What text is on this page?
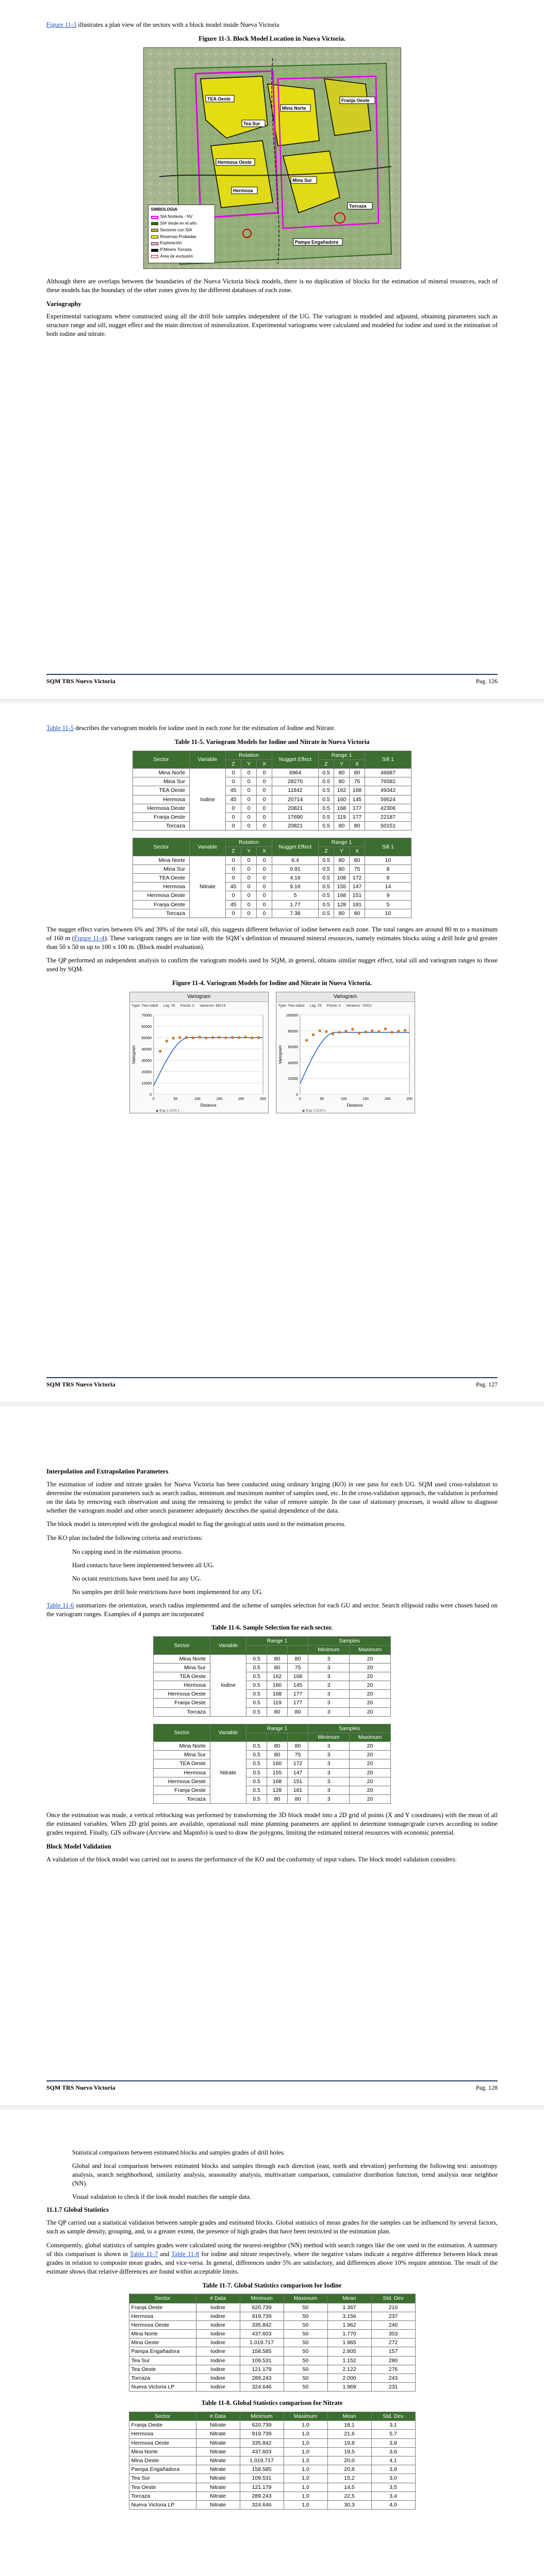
Figure 11-3 illustrates a plan view of the sectors with a block model inside Nueva Victoria

Figure 11-3. Block Model Location in Nueva Victoria.
TEA Oeste
Mina Norte
Mina Sur
Hermosa Oeste
Hermosa
Franja Oeste
Torcaza
Pampa Engañadora
Tea Sur
SIMBOLOGIA
SIA Nortevia - NV
SIA Verde en el año
Sectores con SIA
Reservas Probadas
Exploración
P.Minero Torcaza
Área de exclusión

Although there are overlaps between the boundaries of the Nueva Victoria block models, there is no duplication of blocks for the estimation of mineral resources, each of these models has the boundary of the other zones given by the different databases of each zone.

Variography

Experimental variograms where constructed using all the drill hole samples independent of the UG. The variogram is modeled and adjusted, obtaining parameters such as structure range and sill, nugget effect and the main direction of mineralization. Experimental variograms were calculated and modeled for iodine and used in the estimation of both iodine and nitrate.

SQM TRS Nuevo Victoria	Pag. 126

Table 11-5 describes the variogram models for iodine used in each zone for the estimation of Iodine and Nitrate.

Table 11-5. Variogram Models for Iodine and Nitrate in Nueva Victoria
Sector	Variable	Rotation			Nugget Effect	Range 1			Sill 1
		Z	Y	X		Z	Y	X	
Mina Norte	Iodine	0	0	0	6964	0.5	80	80	46687
Mina Sur		0	0	0	28270	0.5	80	75	76582
TEA Oeste		45	0	0	11842	0.5	162	168	49342
Hermosa		45	0	0	20714	0.5	160	145	59524
Hermosa Oeste		0	0	0	20821	0.5	168	177	42306
Franja Oeste		0	0	0	17690	0.5	119	177	22187
Torcaza		0	0	0	20821	0.5	80	80	50151
Sector	Variable	Rotation			Nugget Effect	Range 1			Sill 1
		Z	Y	X		Z	Y	X	
Mina Norte	Nitrate	0	0	0	6.4	0.5	80	80	10
Mina Sur		0	0	0	0.91	0.5	80	75	8
TEA Oeste		0	0	0	4.16	0.5	108	172	8
Hermosa		45	0	0	9.16	0.5	155	147	14
Hermosa Oeste		0	0	0	5	0.5	168	151	9
Franja Oeste		45	0	0	1.77	0.5	128	181	5
Torcaza		0	0	0	7.38	0.5	80	80	10

The nugget effect varies between 6% and 39% of the total sill, this suggests different behavior of iodine between each zone. The total ranges are around 80 m to a maximum of 160 m (Figure 11-4). These variogram ranges are in line with the SQM´s definition of measured mineral resources, namely estimates blocks using a drill hole grid greater than 50 x 50 m up to 100 x 100 m. (Block model evaluation).

The QP performed an independent analysis to confirm the variogram models used by SQM, in general, obtains similar nugget effect, total sill and variogram ranges to those used by SQM.

Figure 11-4. Variogram Models for Iodine and Nitrate in Nueva Victoria.
Variogram
Type: Two-sided Lag: 25 Points: 0 Variance: 48213
0
10000
20000
30000
40000
50000
60000
70000
0	50	100	150	200	250
Distance
Variogram
◆ Exp 1 ICI/I-1
Variogram
Type: Two-sided Lag: 25 Points: 0 Variance: 76321
0
20000
40000
60000
80000
100000
0	50	100	150	200	250
Distance
Variogram
◆ Exp 1 ICI/I-1
SQM TRS Nuevo Victoria	Pag. 127
Interpolation and Extrapolation Parameters

The estimation of iodine and nitrate grades for Nueva Victoria has been conducted using ordinary kriging (KO) in one pass for each UG. SQM used cross-validation to determine the estimation parameters such as search radius, minimum and maximum number of samples used, etc. In the cross-validation approach, the validation is performed on the data by removing each observation and using the remaining to predict the value of remove sample. In the case of stationary processes, it would allow to diagnose whether the variogram model and other search parameter adequately describes the spatial dependence of the data.

The block model is intercepted with the geological model to flag the geological units used in the estimation process.

The KO plan included the following criteria and restrictions:

No capping used in the estimation process.

Hard contacts have been implemented between all UG.

No octant restrictions have been used for any UG.

No samples per drill hole restrictions have been implemented for any UG.

Table 11-6 summarizes the orientation, search radius implemented and the scheme of samples selection for each GU and sector. Search ellipsoid radio were chosen based on the variogram ranges. Examples of 4 pumps are incorporated

Table 11-6. Sample Selection for each sector.
Sector	Variable	Range 1			Samples	
					Minimum	Maximum
Mina Norte	Iodine	0.5	80	80	3	20
Mina Sur		0.5	80	75	3	20
TEA Oeste		0.5	162	168	3	20
Hermosa		0.5	160	145	3	20
Hermosa Oeste		0.5	168	177	3	20
Franja Oeste		0.5	119	177	3	20
Torcaza		0.5	80	80	3	20
Sector	Variable	Range 1			Samples	
					Minimum	Maximum
Mina Norte	Nitrate	0.5	80	80	3	20
Mina Sur		0.5	80	75	3	20
TEA Oeste		0.5	160	172	3	20
Hermosa		0.5	155	147	3	20
Hermosa Oeste		0.5	168	151	3	20
Franja Oeste		0.5	128	181	3	20
Torcaza		0.5	80	80	3	20

Once the estimation was made, a vertical reblocking was performed by transforming the 3D block model into a 2D grid of points (X and Y coordinates) with the mean of all the estimated variables. When 2D grid points are available, operational null mine planning parameters are applied to determine tonnage/grade curves according to iodine grades required. Finally, GIS software (Arcview and Mapinfo) is used to draw the polygons, limiting the estimated mineral resources with economic potential.

Block Model Validation

A validation of the block model was carried out to assess the performance of the KO and the conformity of input values. The block model validation considers:

SQM TRS Nuevo Victoria	Pag. 128

Statistical comparison between estimated blocks and samples grades of drill holes.

Global and local comparison between estimated blocks and samples through each direction (east, north and elevation) performing the following test: anisotropy analysis, search neighborhood, similarity analysis, seasonality analysis, multivariate comparison, cumulative distribution function, trend analysis near neighbor (NN).

Visual validation to check if the look model matches the sample data.

11.1.7 Global Statistics

The QP carried out a statistical validation between sample grades and estimated blocks. Global statistics of mean grades for the samples can be influenced by several factors, such as sample density, grouping, and, to a greater extent, the presence of high grades that have been restricted in the estimation plan.

Consequently, global statistics of samples grades were calculated using the nearest-neighbor (NN) method with search ranges like the one used in the estimation. A summary of this comparison is shown in Table 11-7 and Table 11-8 for iodine and nitrate respectively, where the negative values indicate a negative difference between block mean grades in relation to composite mean grades, and vice-versa. In general, differences under 5% are satisfactory, and differences above 10% require attention. The result of the estimate shows that relative differences are found within acceptable limits.

Table 11-7. Global Statistics comparison for Iodine
Sector	# Data	Minimum	Maximum	Mean	Std. Dev
Franja Oeste	Iodine	620.739	50	1.367	210
Hermosa	Iodine	919.739	50	3.156	237
Hermosa Oeste	Iodine	335.842	50	1.962	240
Mina Norte	Iodine	437.603	50	1.770	353
Mina Oeste	Iodine	1.019.717	50	1.965	272
Pampa Engañadora	Iodine	158.585	50	2.805	157
Tea Sur	Iodine	109.531	50	1.152	280
Tea Oeste	Iodine	121.179	50	2.122	276
Torcaza	Iodine	289.243	50	2.000	243
Nueva Victoria LP	Iodine	324.646	50	1.969	231
Table 11-8. Global Statistics comparison for Nitrate
Sector	# Data	Minimum	Maximum	Mean	Std. Dev
Franja Oeste	Nitrate	620.739	1,0	18,1	3,1
Hermosa	Nitrate	919.739	1,0	21,6	5,7
Hermosa Oeste	Nitrate	335.842	1,0	19,8	3,8
Mina Norte	Nitrate	437.603	1,0	19,5	3,6
Mina Oeste	Nitrate	1.019.717	1,0	20,0	4,1
Pampa Engañadora	Nitrate	158.585	1,0	20,8	3,8
Tea Sur	Nitrate	109.531	1,0	15,2	3,0
Tea Oeste	Nitrate	121.179	1,0	14,5	3,5
Torcaza	Nitrate	289.243	1,0	22,5	3,4
Nueva Victoria LP	Nitrate	324.646	1,0	30,3	4,0
